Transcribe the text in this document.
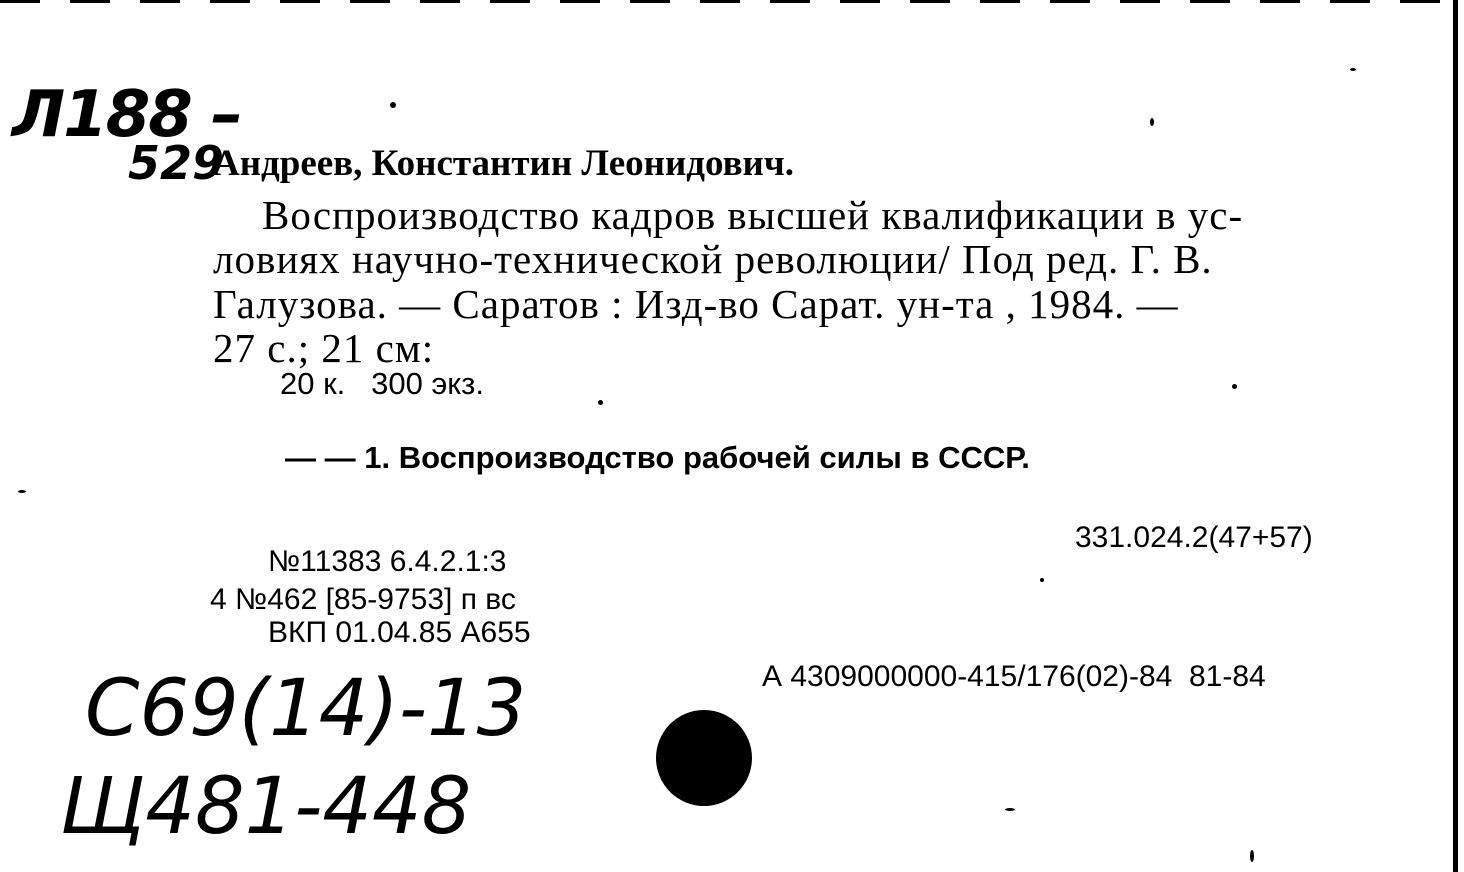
Л188 –
529
Андреев, Константин Леонидович.
Воспроизводство кадров высшей квалификации в ус-
ловиях научно-технической революции/ Под ред. Г. В.
Галузова. — Саратов : Изд-во Сарат. ун-та , 1984. —
27 с.; 21 см:
20 к.   300 экз.
— — 1. Воспроизводство рабочей силы в СССР.
331.024.2(47+57)
№11383 6.4.2.1:3
4 №462 [85-9753] п вс
ВКП 01.04.85 А655
А 4309000000-415/176(02)-84  81-84
С69(14)-13
Щ481-448
